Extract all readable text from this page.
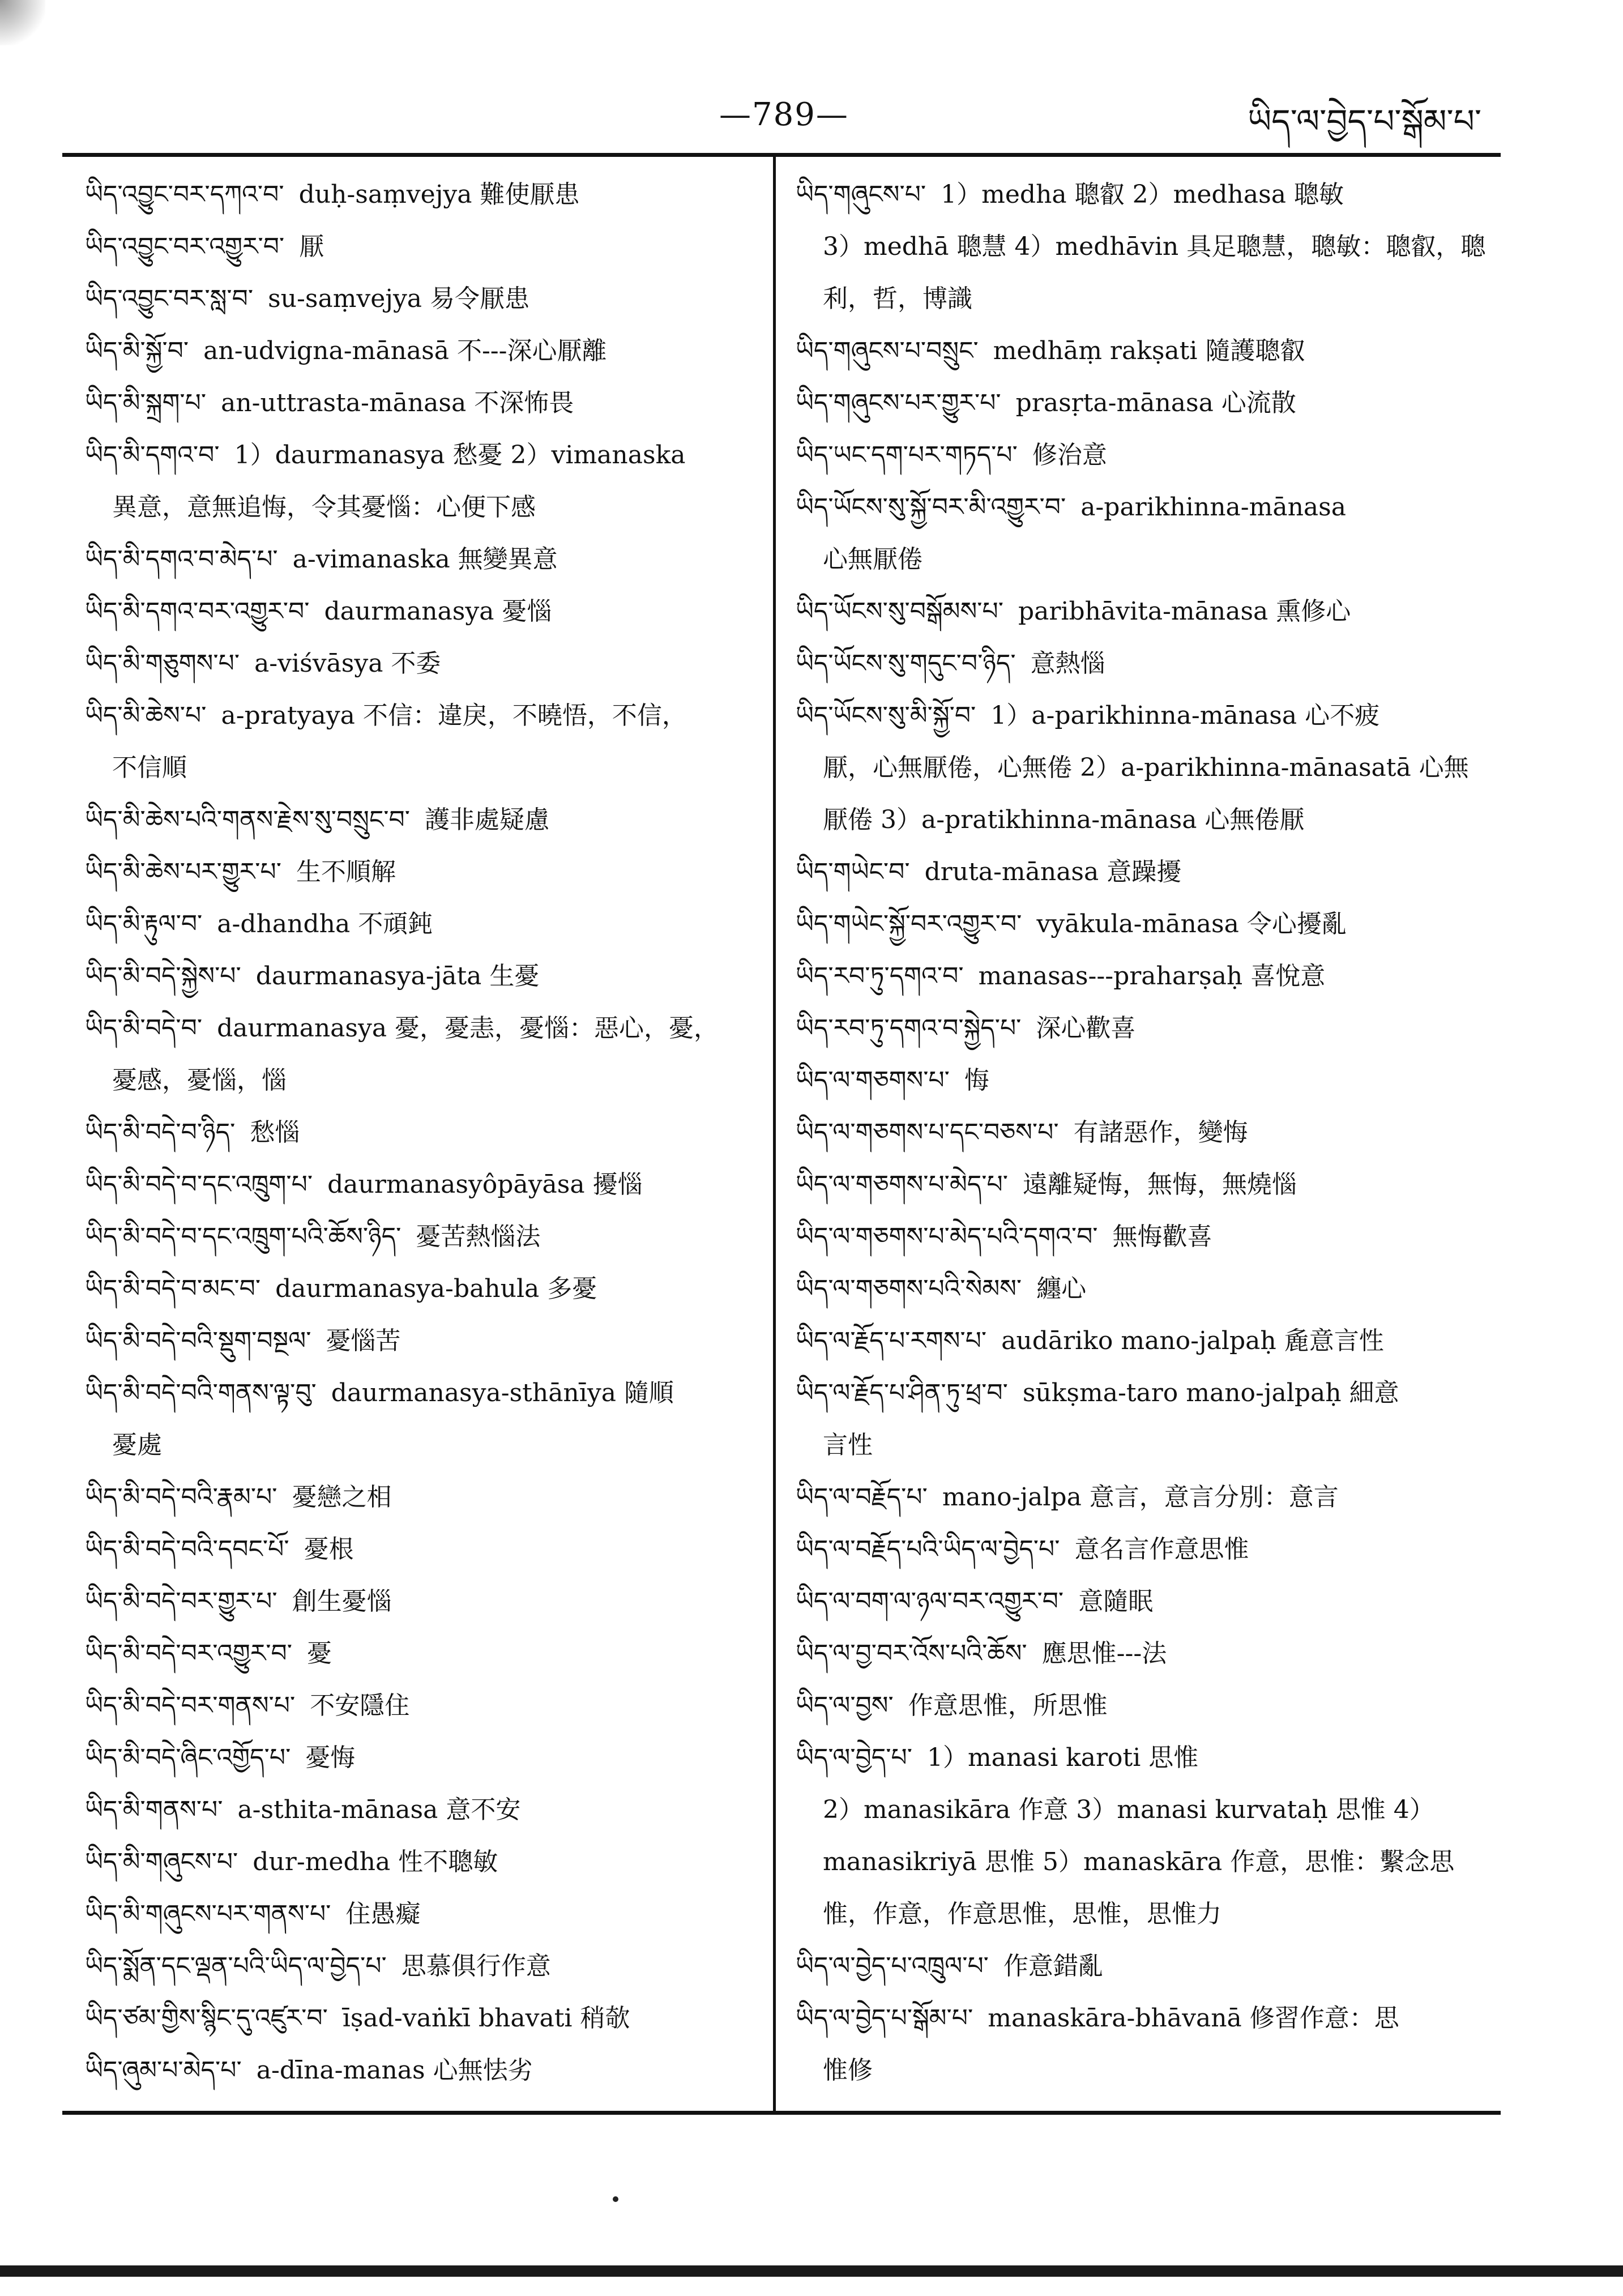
—789—	ཡིད་ལ་བྱེད་པ་སྒོམ་པ་

ཡིད་འབྱུང་བར་དཀའ་བ་ duḥ-saṃvejya 難使厭患

ཡིད་འབྱུང་བར་འགྱུར་བ་ 厭

ཡིད་འབྱུང་བར་སླ་བ་ su-saṃvejya 易令厭患

ཡིད་མི་སྐྱོ་བ་ an-udvigna-mānasā 不---深心厭離

ཡིད་མི་སྐྲག་པ་ an-uttrasta-mānasa 不深怖畏

ཡིད་མི་དགའ་བ་ 1）daurmanasya 愁憂 2）vimanaska
異意，意無追悔，令其憂惱：心便下感

ཡིད་མི་དགའ་བ་མེད་པ་ a-vimanaska 無變異意

ཡིད་མི་དགའ་བར་འགྱུར་བ་ daurmanasya 憂惱

ཡིད་མི་གཅུགས་པ་ a-viśvāsya 不委

ཡིད་མི་ཆེས་པ་ a-pratyaya 不信：違戾，不曉悟，不信，
不信順

ཡིད་མི་ཆེས་པའི་གནས་རྗེས་སུ་བསྲུང་བ་ 護非處疑慮

ཡིད་མི་ཆེས་པར་གྱུར་པ་ 生不順解

ཡིད་མི་རྟུལ་བ་ a-dhandha 不頑鈍

ཡིད་མི་བདེ་སྐྱེས་པ་ daurmanasya-jāta 生憂

ཡིད་མི་བདེ་བ་ daurmanasya 憂，憂恚，憂惱：惡心，憂，
憂感，憂惱，惱

ཡིད་མི་བདེ་བ་ཉིད་ 愁惱

ཡིད་མི་བདེ་བ་དང་འཁྲུག་པ་ daurmanasyôpāyāsa 擾惱

ཡིད་མི་བདེ་བ་དང་འཁྲུག་པའི་ཆོས་ཉིད་ 憂苦熱惱法

ཡིད་མི་བདེ་བ་མང་བ་ daurmanasya-bahula 多憂

ཡིད་མི་བདེ་བའི་སྡུག་བསྔལ་ 憂惱苦

ཡིད་མི་བདེ་བའི་གནས་ལྟ་བུ་ daurmanasya-sthānīya 隨順
憂處

ཡིད་མི་བདེ་བའི་རྣམ་པ་ 憂戀之相

ཡིད་མི་བདེ་བའི་དབང་པོ་ 憂根

ཡིད་མི་བདེ་བར་གྱུར་པ་ 創生憂惱

ཡིད་མི་བདེ་བར་འགྱུར་བ་ 憂

ཡིད་མི་བདེ་བར་གནས་པ་ 不安隱住

ཡིད་མི་བདེ་ཞིང་འགྱོད་པ་ 憂悔

ཡིད་མི་གནས་པ་ a-sthita-mānasa 意不安

ཡིད་མི་གཞུངས་པ་ dur-medha 性不聰敏

ཡིད་མི་གཞུངས་པར་གནས་པ་ 住愚癡

ཡིད་སྨོན་དང་ལྡན་པའི་ཡིད་ལ་བྱེད་པ་ 思慕俱行作意

ཡིད་ཙམ་གྱིས་སྙིང་དུ་འཛུར་བ་ īṣad-vaṅkī bhavati 稍欹

ཡིད་ཞུམ་པ་མེད་པ་ a-dīna-manas 心無怯劣

ཡིད་གཞུངས་པ་ 1）medha 聰叡 2）medhasa 聰敏
3）medhā 聰慧 4）medhāvin 具足聰慧，聰敏：聰叡，聰利，哲，博識

ཡིད་གཞུངས་པ་བསྲུང་ medhāṃ rakṣati 隨護聰叡

ཡིད་གཞུངས་པར་གྱུར་པ་ prasṛta-mānasa 心流散

ཡིད་ཡང་དག་པར་གཏད་པ་ 修治意

ཡིད་ཡོངས་སུ་སྐྱོ་བར་མི་འགྱུར་བ་ a-parikhinna-mānasa
心無厭倦

ཡིད་ཡོངས་སུ་བསྒོམས་པ་ paribhāvita-mānasa 熏修心

ཡིད་ཡོངས་སུ་གདུང་བ་ཉིད་ 意熱惱

ཡིད་ཡོངས་སུ་མི་སྐྱོ་བ་ 1）a-parikhinna-mānasa 心不疲
厭，心無厭倦，心無倦 2）a-parikhinna-mānasatā 心無厭倦 3）a-pratikhinna-mānasa 心無倦厭

ཡིད་གཡེང་བ་ druta-mānasa 意躁擾

ཡིད་གཡེང་སྐྱོ་བར་འགྱུར་བ་ vyākula-mānasa 令心擾亂

ཡིད་རབ་ཏུ་དགའ་བ་ manasas---praharṣaḥ 喜悅意

ཡིད་རབ་ཏུ་དགའ་བ་སྐྱེད་པ་ 深心歡喜

ཡིད་ལ་གཅགས་པ་ 悔

ཡིད་ལ་གཅགས་པ་དང་བཅས་པ་ 有諸惡作，變悔

ཡིད་ལ་གཅགས་པ་མེད་པ་ 遠離疑悔，無悔，無燒惱

ཡིད་ལ་གཅགས་པ་མེད་པའི་དགའ་བ་ 無悔歡喜

ཡིད་ལ་གཅགས་པའི་སེམས་ 纏心

ཡིད་ལ་རྗོད་པ་རགས་པ་ audāriko mano-jalpaḥ 麁意言性

ཡིད་ལ་རྗོད་པ་ཤིན་ཏུ་ཕྲ་བ་ sūkṣma-taro mano-jalpaḥ 細意
言性

ཡིད་ལ་བརྗོད་པ་ mano-jalpa 意言，意言分別：意言

ཡིད་ལ་བརྗོད་པའི་ཡིད་ལ་བྱེད་པ་ 意名言作意思惟

ཡིད་ལ་བག་ལ་ཉལ་བར་འགྱུར་བ་ 意隨眠

ཡིད་ལ་བྱ་བར་འོས་པའི་ཆོས་ 應思惟---法

ཡིད་ལ་བྱས་ 作意思惟，所思惟

ཡིད་ལ་བྱེད་པ་ 1）manasi karoti 思惟
2）manasikāra 作意 3）manasi kurvataḥ 思惟 4）manasikriyā 思惟 5）manaskāra 作意，思惟：繫念思惟，作意，作意思惟，思惟，思惟力

ཡིད་ལ་བྱེད་པ་འཁྲུལ་པ་ 作意錯亂

ཡིད་ལ་བྱེད་པ་སྒོམ་པ་ manaskāra-bhāvanā 修習作意：思
惟修
